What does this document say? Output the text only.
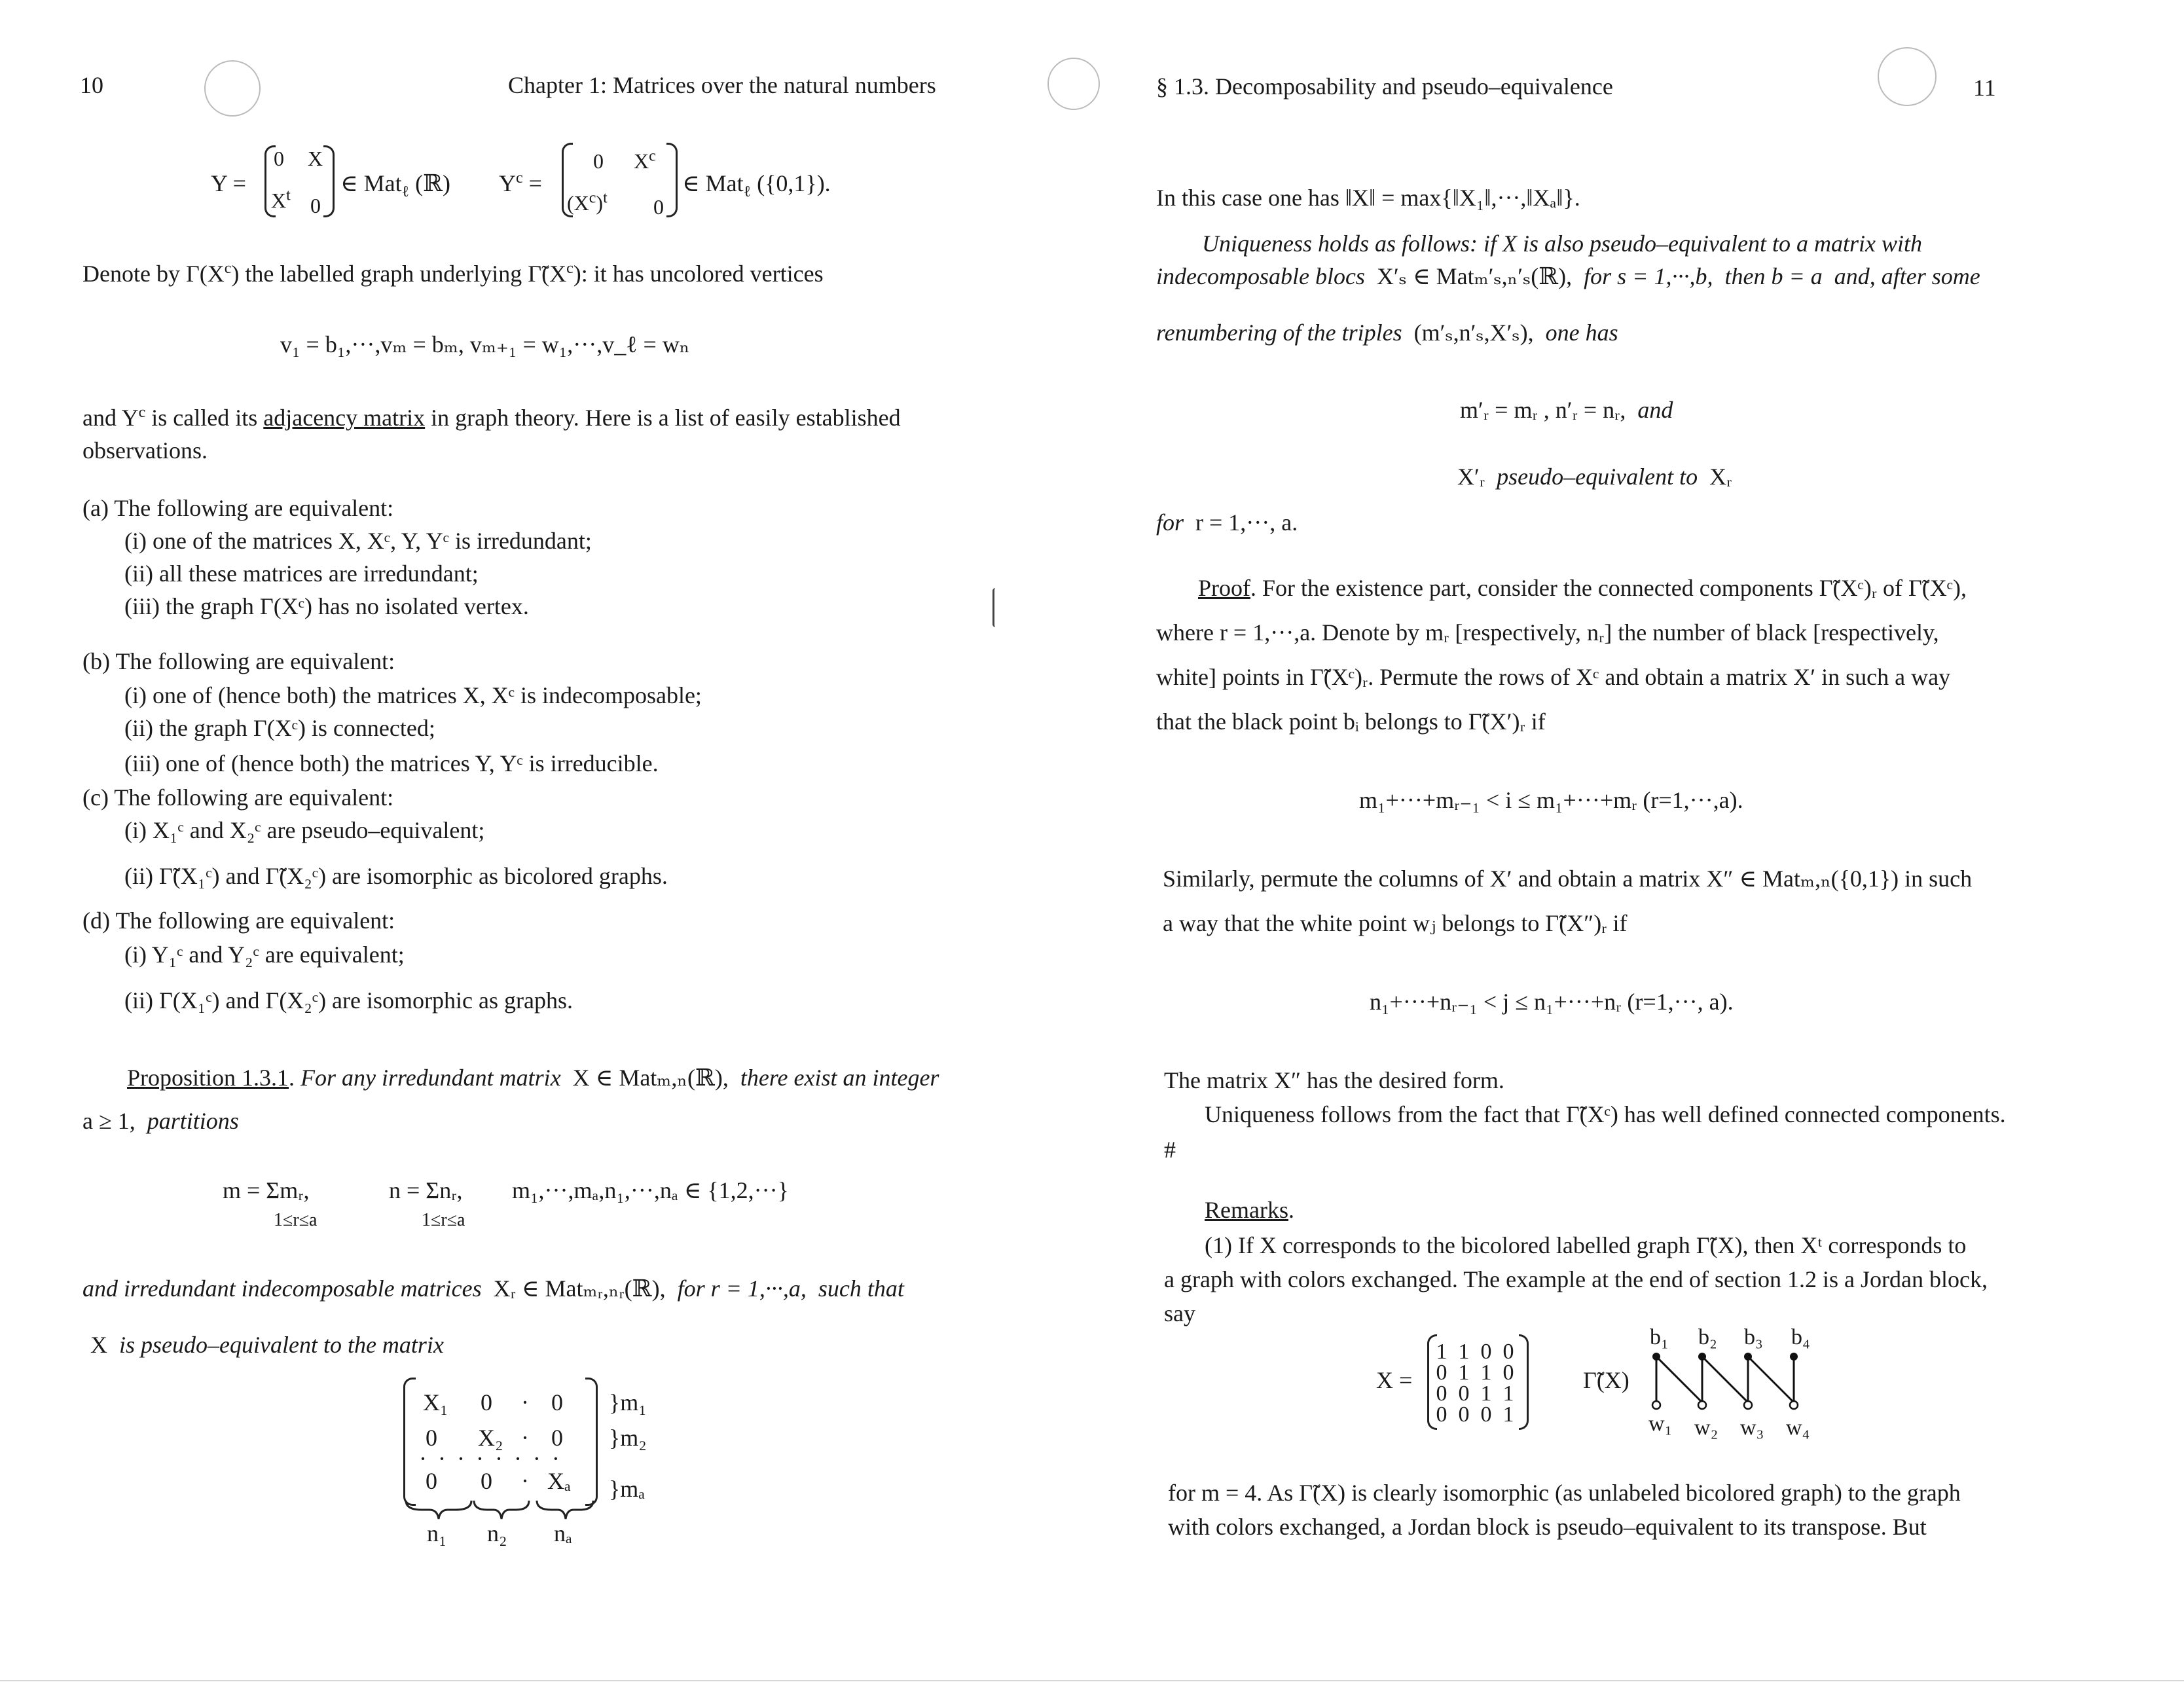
10	Chapter 1: Matrices over the natural numbers
Y =
0 X
$X^t$ 0
∈ Mat$_\ell$ (ℝ) $Y^c$ =
0 $X^c$
$(X^c)^t$ 0
∈ Mat$_\ell$ ({0,1}).
Denote by $\Gamma(X^c)$ the labelled graph underlying $\Gammã(X^c)$: it has uncolored vertices
v₁ = b₁,···,vₘ = bₘ, vₘ₊₁ = w₁,···,v_ℓ = wₙ
and $Y^c$ is called its adjacency matrix in graph theory. Here is a list of easily established
observations.
(a) The following are equivalent:
(i) one of the matrices X, Xᶜ, Y, Yᶜ is irredundant;
(ii) all these matrices are irredundant;
(iii) the graph Γ(Xᶜ) has no isolated vertex.
(b) The following are equivalent:
(i) one of (hence both) the matrices X, Xᶜ is indecomposable;
(ii) the graph Γ(Xᶜ) is connected;
(iii) one of (hence both) the matrices Y, Yᶜ is irreducible.
(c) The following are equivalent:
(i) X₁ᶜ and X₂ᶜ are pseudo–equivalent;
(ii) Γ̃(X₁ᶜ) and Γ̃(X₂ᶜ) are isomorphic as bicolored graphs.
(d) The following are equivalent:
(i) Y₁ᶜ and Y₂ᶜ are equivalent;
(ii) Γ(X₁ᶜ) and Γ(X₂ᶜ) are isomorphic as graphs.
Proposition 1.3.1. For any irredundant matrix X ∈ Matₘ,ₙ(ℝ), there exist an integer
a ≥ 1, partitions
m = Σmᵣ,	n = Σnᵣ, m₁,···,mₐ,n₁,···,nₐ ∈ {1,2,···}
1≤r≤a	1≤r≤a
and irredundant indecomposable matrices Xᵣ ∈ Matₘᵣ,ₙᵣ(ℝ), for r = 1,···,a, such that
X is pseudo–equivalent to the matrix
X₁ 0 · 0
0 X₂ · 0
· · · · · · · ·
0 0 · Xₐ
}m₁
}m₂
}mₐ
n₁ n₂ nₐ
§ 1.3. Decomposability and pseudo–equivalence	11
In this case one has ‖X‖ = max{‖X₁‖,···,‖Xₐ‖}.
Uniqueness holds as follows: if X is also pseudo–equivalent to a matrix with
indecomposable blocs X′ₛ ∈ Matₘ′ₛ,ₙ′ₛ(ℝ), for s = 1,···,b, then b = a and, after some
renumbering of the triples (m′ₛ,n′ₛ,X′ₛ), one has
m′ᵣ = mᵣ , n′ᵣ = nᵣ, and
X′ᵣ pseudo–equivalent to Xᵣ
for  r = 1,···, a.
Proof. For the existence part, consider the connected components Γ̃(Xᶜ)ᵣ of Γ̃(Xᶜ),
where r = 1,···,a. Denote by mᵣ [respectively, nᵣ] the number of black [respectively,
white] points in Γ̃(Xᶜ)ᵣ. Permute the rows of Xᶜ and obtain a matrix X′ in such a way
that the black point bᵢ belongs to Γ̃(X′)ᵣ if
m₁+···+mᵣ₋₁ < i ≤ m₁+···+mᵣ (r=1,···,a).
Similarly, permute the columns of X′ and obtain a matrix X″ ∈ Matₘ,ₙ({0,1}) in such
a way that the white point wⱼ belongs to Γ̃(X″)ᵣ if
n₁+···+nᵣ₋₁ < j ≤ n₁+···+nᵣ (r=1,···, a).
The matrix X″ has the desired form.
Uniqueness follows from the fact that Γ̃(Xᶜ) has well defined connected components.
#
Remarks.
(1) If X corresponds to the bicolored labelled graph Γ̃(X), then Xᵗ corresponds to
a graph with colors exchanged. The example at the end of section 1.2 is a Jordan block,
say
X =
1 1 0 0
0 1 1 0
0 0 1 1
0 0 0 1
Γ̃(X)
b₁ b₂ b₃ b₄
w₁ w₂ w₃ w₄
for m = 4. As Γ̃(X) is clearly isomorphic (as unlabeled bicolored graph) to the graph
with colors exchanged, a Jordan block is pseudo–equivalent to its transpose. But
